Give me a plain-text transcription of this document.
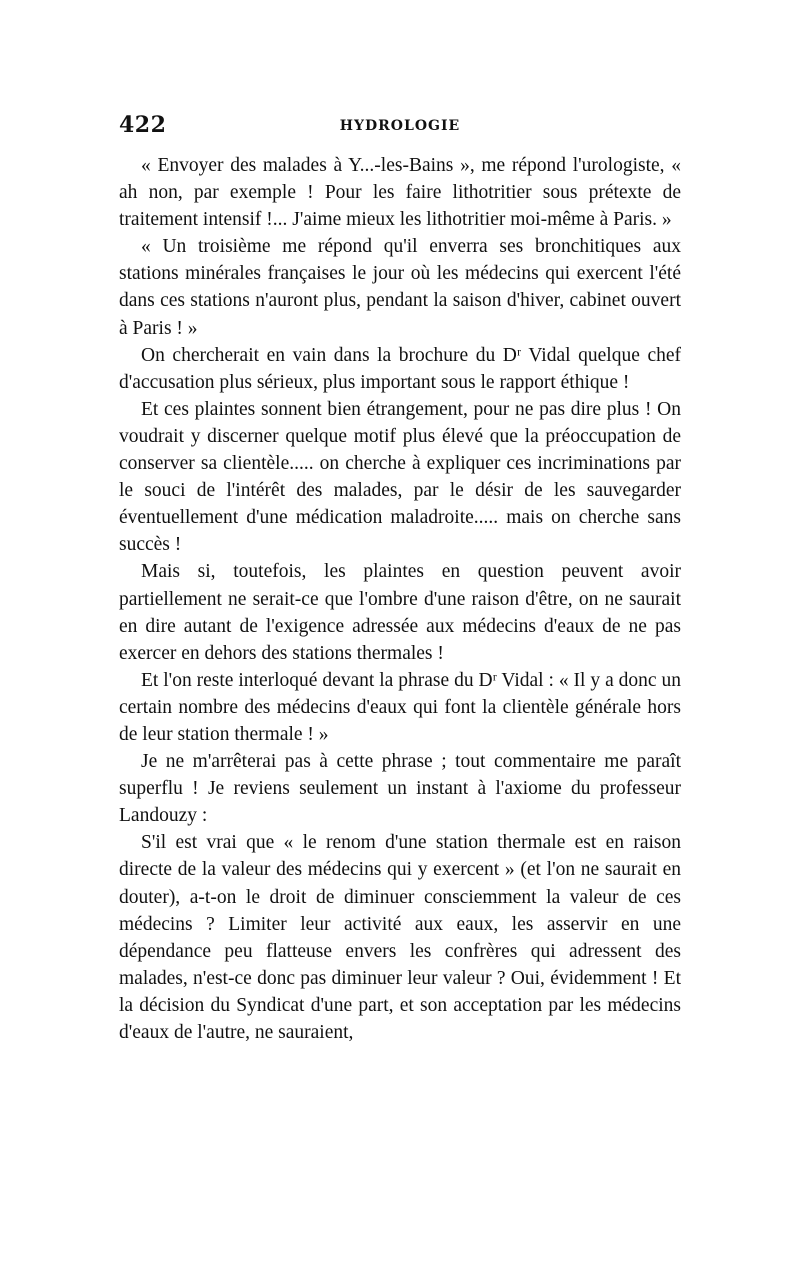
422	HYDROLOGIE

« Envoyer des malades à Y...-les-Bains », me répond l'urologiste, « ah non, par exemple ! Pour les faire lithotritier sous prétexte de traitement intensif !... J'aime mieux les lithotritier moi-même à Paris. »

« Un troisième me répond qu'il enverra ses bronchitiques aux stations minérales françaises le jour où les médecins qui exercent l'été dans ces stations n'auront plus, pendant la saison d'hiver, cabinet ouvert à Paris ! »

On chercherait en vain dans la brochure du Dʳ Vidal quelque chef d'accusation plus sérieux, plus important sous le rapport éthique !

Et ces plaintes sonnent bien étrangement, pour ne pas dire plus ! On voudrait y discerner quelque motif plus élevé que la préoccupation de conserver sa clientèle..... on cherche à expliquer ces incriminations par le souci de l'intérêt des malades, par le désir de les sauvegarder éventuellement d'une médication maladroite..... mais on cherche sans succès !

Mais si, toutefois, les plaintes en question peuvent avoir partiellement ne serait-ce que l'ombre d'une raison d'être, on ne saurait en dire autant de l'exigence adressée aux médecins d'eaux de ne pas exercer en dehors des stations thermales !

Et l'on reste interloqué devant la phrase du Dʳ Vidal : « Il y a donc un certain nombre des médecins d'eaux qui font la clientèle générale hors de leur station thermale ! »

Je ne m'arrêterai pas à cette phrase ; tout commentaire me paraît superflu ! Je reviens seulement un instant à l'axiome du professeur Landouzy :

S'il est vrai que « le renom d'une station thermale est en raison directe de la valeur des médecins qui y exercent » (et l'on ne saurait en douter), a-t-on le droit de diminuer consciemment la valeur de ces médecins ? Limiter leur activité aux eaux, les asservir en une dépendance peu flatteuse envers les confrères qui adressent des malades, n'est-ce donc pas diminuer leur valeur ? Oui, évidemment ! Et la décision du Syndicat d'une part, et son acceptation par les médecins d'eaux de l'autre, ne sauraient,
